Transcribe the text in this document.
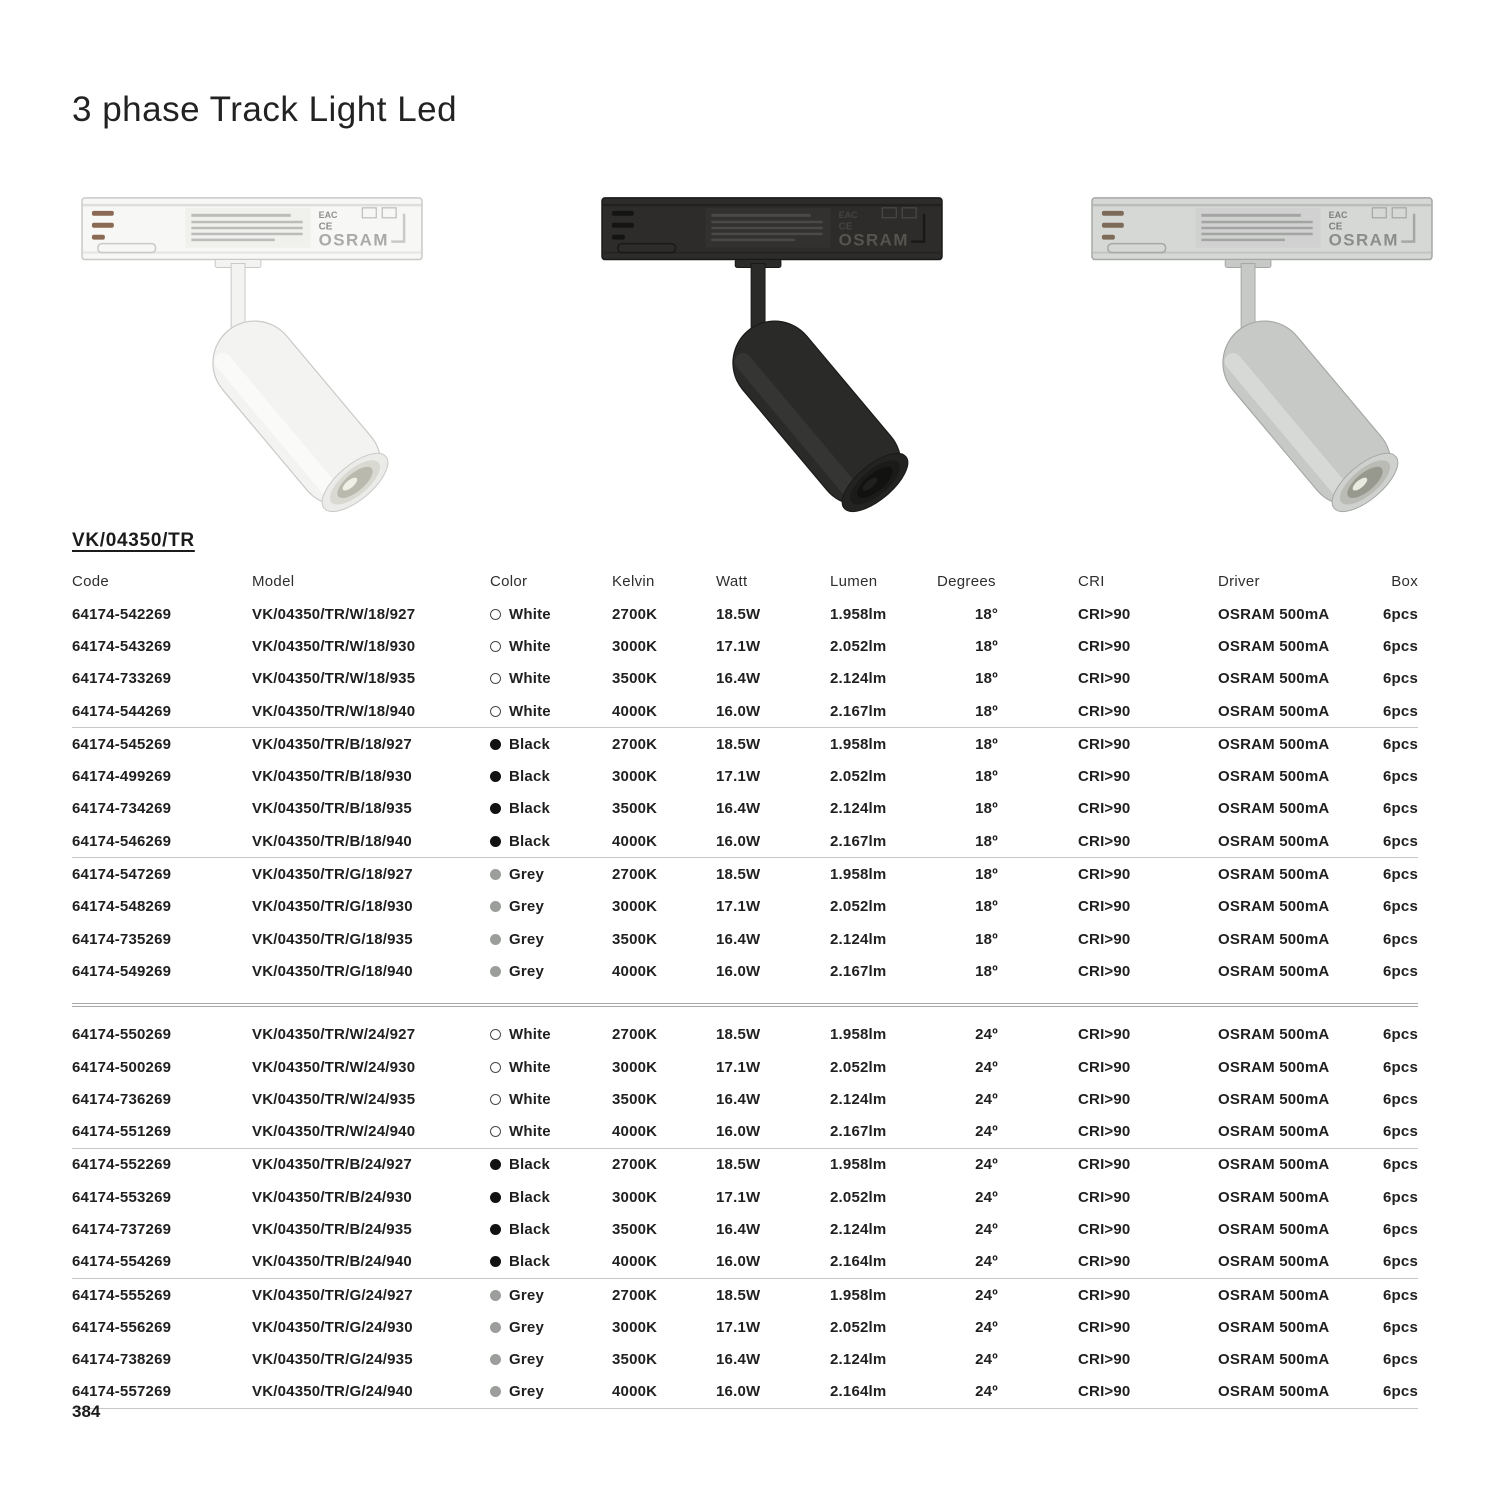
3 phase Track Light Led
EAC
CE
OSRAM
EAC
CE
OSRAM
EAC
CE
OSRAM
VK/04350/TR
Code	Model	Color	Kelvin	Watt	Lumen	Degrees	CRI	Driver	Box
64174-542269	VK/04350/TR/W/18/927	White	2700K	18.5W	1.958lm	18°	CRI>90	OSRAM 500mA	6pcs
64174-543269	VK/04350/TR/W/18/930	White	3000K	17.1W	2.052lm	18º	CRI>90	OSRAM 500mA	6pcs
64174-733269	VK/04350/TR/W/18/935	White	3500K	16.4W	2.124lm	18º	CRI>90	OSRAM 500mA	6pcs
64174-544269	VK/04350/TR/W/18/940	White	4000K	16.0W	2.167lm	18º	CRI>90	OSRAM 500mA	6pcs
64174-545269	VK/04350/TR/B/18/927	Black	2700K	18.5W	1.958lm	18º	CRI>90	OSRAM 500mA	6pcs
64174-499269	VK/04350/TR/B/18/930	Black	3000K	17.1W	2.052lm	18º	CRI>90	OSRAM 500mA	6pcs
64174-734269	VK/04350/TR/B/18/935	Black	3500K	16.4W	2.124lm	18º	CRI>90	OSRAM 500mA	6pcs
64174-546269	VK/04350/TR/B/18/940	Black	4000K	16.0W	2.167lm	18º	CRI>90	OSRAM 500mA	6pcs
64174-547269	VK/04350/TR/G/18/927	Grey	2700K	18.5W	1.958lm	18º	CRI>90	OSRAM 500mA	6pcs
64174-548269	VK/04350/TR/G/18/930	Grey	3000K	17.1W	2.052lm	18º	CRI>90	OSRAM 500mA	6pcs
64174-735269	VK/04350/TR/G/18/935	Grey	3500K	16.4W	2.124lm	18º	CRI>90	OSRAM 500mA	6pcs
64174-549269	VK/04350/TR/G/18/940	Grey	4000K	16.0W	2.167lm	18º	CRI>90	OSRAM 500mA	6pcs
64174-550269	VK/04350/TR/W/24/927	White	2700K	18.5W	1.958lm	24º	CRI>90	OSRAM 500mA	6pcs
64174-500269	VK/04350/TR/W/24/930	White	3000K	17.1W	2.052lm	24º	CRI>90	OSRAM 500mA	6pcs
64174-736269	VK/04350/TR/W/24/935	White	3500K	16.4W	2.124lm	24º	CRI>90	OSRAM 500mA	6pcs
64174-551269	VK/04350/TR/W/24/940	White	4000K	16.0W	2.167lm	24º	CRI>90	OSRAM 500mA	6pcs
64174-552269	VK/04350/TR/B/24/927	Black	2700K	18.5W	1.958lm	24º	CRI>90	OSRAM 500mA	6pcs
64174-553269	VK/04350/TR/B/24/930	Black	3000K	17.1W	2.052lm	24º	CRI>90	OSRAM 500mA	6pcs
64174-737269	VK/04350/TR/B/24/935	Black	3500K	16.4W	2.124lm	24º	CRI>90	OSRAM 500mA	6pcs
64174-554269	VK/04350/TR/B/24/940	Black	4000K	16.0W	2.164lm	24º	CRI>90	OSRAM 500mA	6pcs
64174-555269	VK/04350/TR/G/24/927	Grey	2700K	18.5W	1.958lm	24º	CRI>90	OSRAM 500mA	6pcs
64174-556269	VK/04350/TR/G/24/930	Grey	3000K	17.1W	2.052lm	24º	CRI>90	OSRAM 500mA	6pcs
64174-738269	VK/04350/TR/G/24/935	Grey	3500K	16.4W	2.124lm	24º	CRI>90	OSRAM 500mA	6pcs
64174-557269	VK/04350/TR/G/24/940	Grey	4000K	16.0W	2.164lm	24º	CRI>90	OSRAM 500mA	6pcs
384
